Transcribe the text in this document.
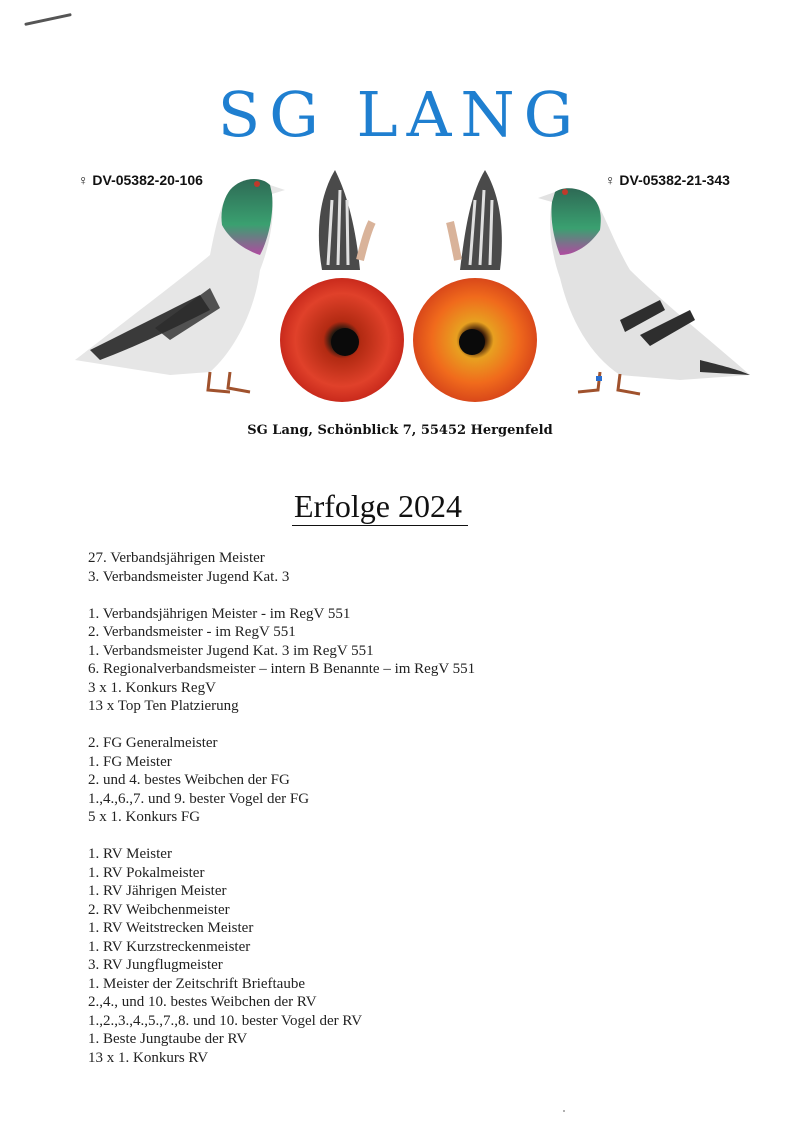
SG LANG
♀ DV-05382-20-106	♀ DV-05382-21-343
SG Lang, Schönblick 7, 55452 Hergenfeld
Erfolge 2024
27. Verbandsjährigen Meister
3. Verbandsmeister Jugend Kat. 3
1. Verbandsjährigen Meister - im RegV 551
2. Verbandsmeister - im RegV 551
1. Verbandsmeister Jugend Kat. 3 im RegV 551
6. Regionalverbandsmeister – intern B Benannte – im RegV 551
3 x 1. Konkurs RegV
13 x Top Ten Platzierung
2. FG Generalmeister
1. FG Meister
2. und 4. bestes Weibchen der FG
1.,4.,6.,7. und 9. bester Vogel der FG
5 x 1. Konkurs FG
1. RV Meister
1. RV Pokalmeister
1. RV Jährigen Meister
2. RV Weibchenmeister
1. RV Weitstrecken Meister
1. RV Kurzstreckenmeister
3. RV Jungflugmeister
1. Meister der Zeitschrift Brieftaube
2.,4., und 10. bestes Weibchen der RV
1.,2.,3.,4.,5.,7.,8. und 10. bester Vogel der RV
1. Beste Jungtaube der RV
13 x 1. Konkurs RV
